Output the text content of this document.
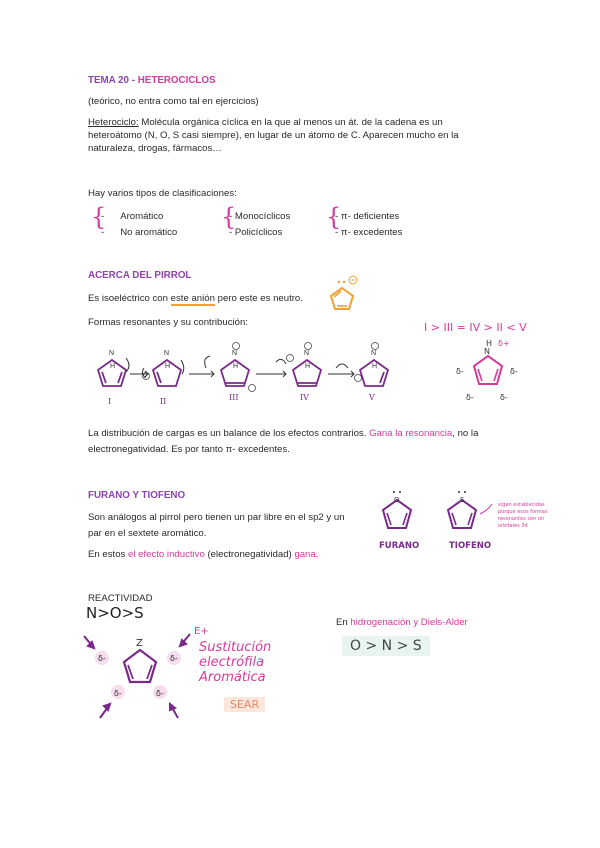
TEMA 20 - HETEROCICLOS
(teórico, no entra como tal en ejercicios)
Heterociclo: Molécula orgánica cíclica en la que al menos un át. de la cadena es un
heteroátomo (N, O, S casi siempre), en lugar de un átomo de C. Aparecen mucho en la
naturaleza, drogas, fármacos…
Hay varios tipos de clasificaciones:
{
-      Aromático
-      No aromático
{
- Monocíclicos
- Policíclicos
{
- π- deficientes
- π- excedentes
ACERCA DEL PIRROL
Es isoeléctrico con este anión pero este es neutro.
Formas resonantes y su contribución:
N
H
N
H
N
H
N
H
N
H
I	II	III	IV	V
I > III = IV > II < V
N
H δ+
δ-	δ-
δ-	δ-
La distribución de cargas es un balance de los efectos contrarios. Gana la resonancia, no la
electronegatividad. Es por tanto π- excedentes.
FURANO Y TIOFENO
Son análogos al pirrol pero tienen un par libre en el sp2 y un
par en el sextete aromático.
En estos el efecto inductivo (electronegatividad) gana.
O	S
FURANO	TIOFENO
s/gen establecidas
porque esos formas
resonantes son un
orbitales 3d
REACTIVIDAD
N>O>S
δ-	δ-
δ-	δ-
Z
E+
Sustitución
electrófila
Aromática
SEAR
En hidrogenación y Diels-Alder
O > N > S
